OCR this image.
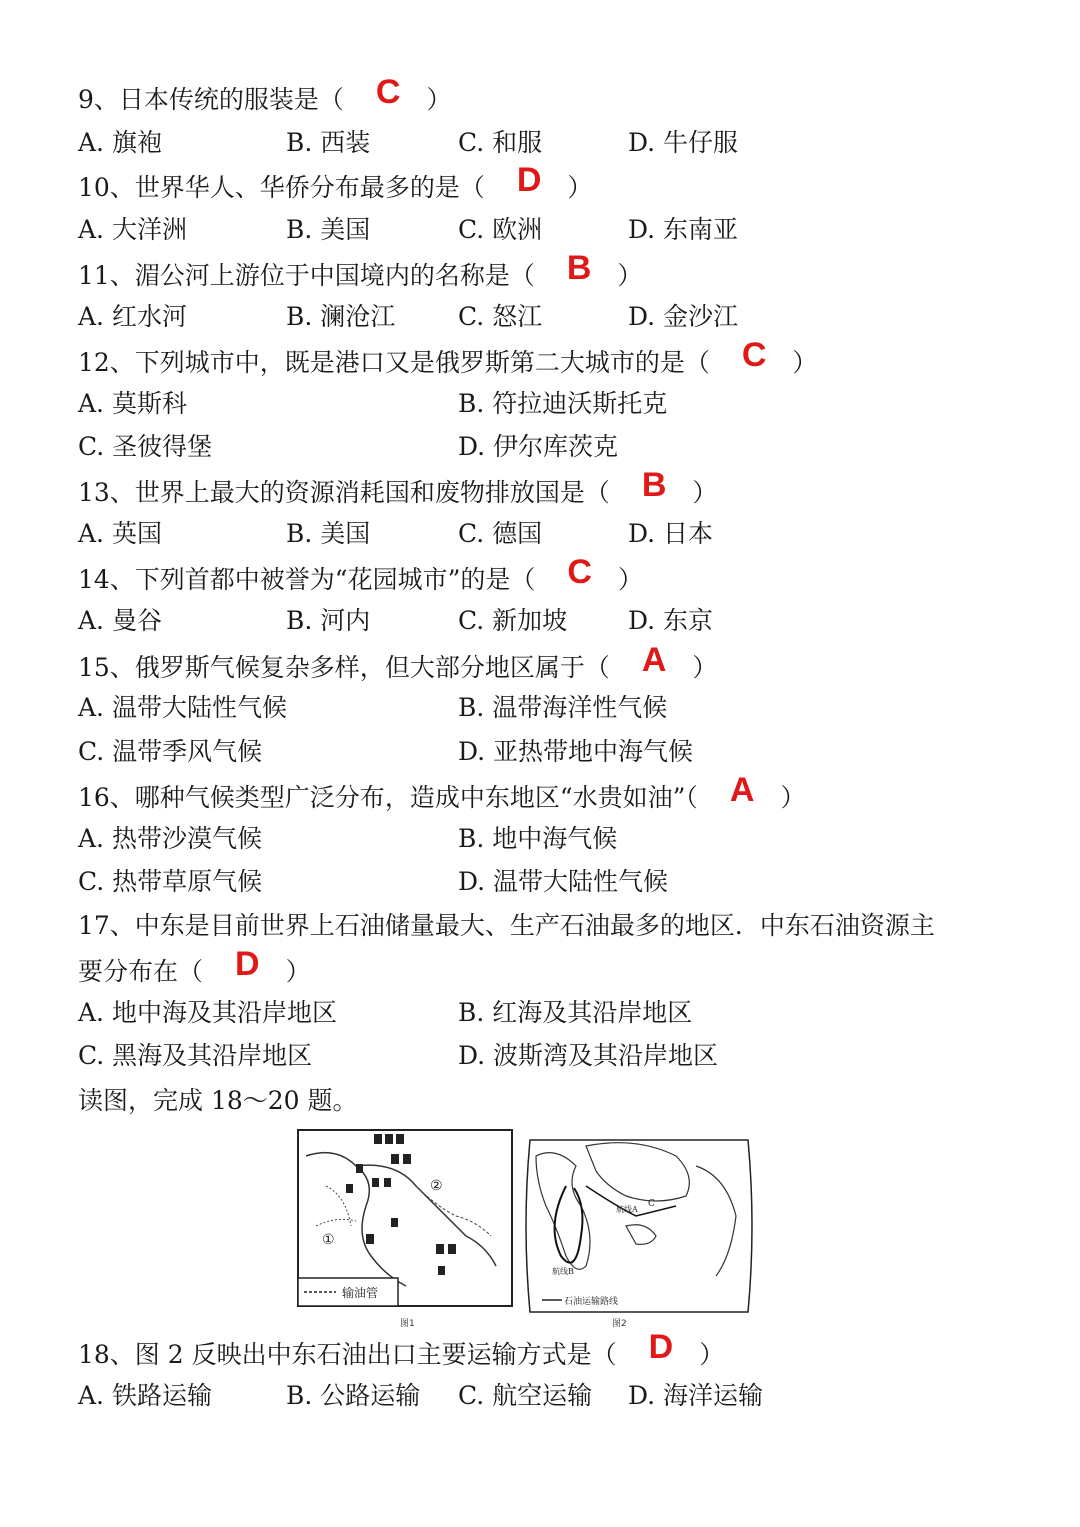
9、日本传统的服装是（ C ）
A. 旗袍	B. 西装	C. 和服	D. 牛仔服
10、世界华人、华侨分布最多的是（ D ）
A. 大洋洲	B. 美国	C. 欧洲	D. 东南亚
11、湄公河上游位于中国境内的名称是（ B ）
A. 红水河	B. 澜沧江	C. 怒江	D. 金沙江
12、下列城市中，既是港口又是俄罗斯第二大城市的是（ C ）
A. 莫斯科	B. 符拉迪沃斯托克
C. 圣彼得堡	D. 伊尔库茨克
13、世界上最大的资源消耗国和废物排放国是（ B ）
A. 英国	B. 美国	C. 德国	D. 日本
14、下列首都中被誉为“花园城市”的是（ C ）
A. 曼谷	B. 河内	C. 新加坡 D. 东京
15、俄罗斯气候复杂多样，但大部分地区属于（ A ）
A. 温带大陆性气候	B. 温带海洋性气候
C. 温带季风气候	D. 亚热带地中海气候
16、哪种气候类型广泛分布，造成中东地区“水贵如油”（ A ）
A. 热带沙漠气候	B. 地中海气候
C. 热带草原气候	D. 温带大陆性气候
17、中东是目前世界上石油储量最大、生产石油最多的地区．中东石油资源主
要分布在（ D ）
A. 地中海及其沿岸地区	B. 红海及其沿岸地区
C. 黑海及其沿岸地区	D. 波斯湾及其沿岸地区
读图，完成 18～20 题。
①
②
输油管
航线B
航线A
C
石油运输路线
图1	图2
18、图 2 反映出中东石油出口主要运输方式是（ D ）
A. 铁路运输	B. 公路运输 C. 航空运输 D. 海洋运输
